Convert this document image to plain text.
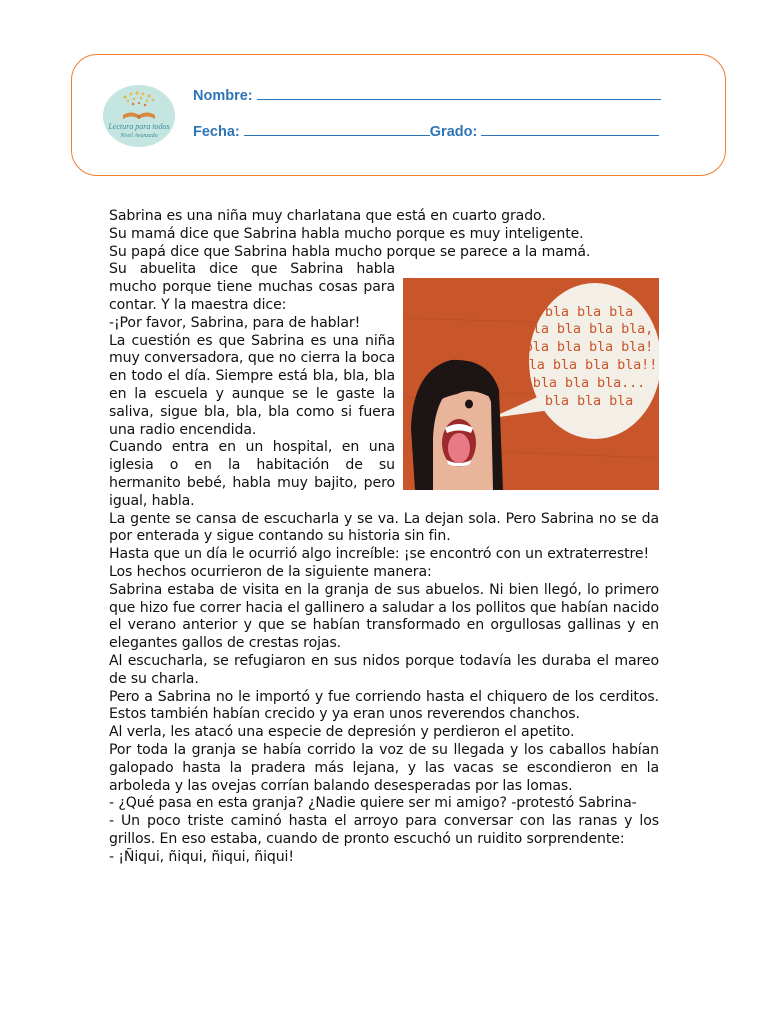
Lectura para todos
Nivel Avanzado
Nombre:
Fecha:	Grado:
bla bla bla
bla bla bla bla,
bla bla bla bla!
bla bla bla bla!!
bla bla bla...
bla bla bla

Sabrina es una niña muy charlatana que está en cuarto grado.

Su mamá dice que Sabrina habla mucho porque es muy inteligente.

Su papá dice que Sabrina habla mucho porque se parece a la mamá.

Su abuelita dice que Sabrina habla mucho porque tiene muchas cosas para contar. Y la maestra dice:

-¡Por favor, Sabrina, para de hablar!

La cuestión es que Sabrina es una niña muy conversadora, que no cierra la boca en todo el día. Siempre está bla, bla, bla en la escuela y aunque se le gaste la saliva, sigue bla, bla, bla como si fuera una radio encendida.

Cuando entra en un hospital, en una iglesia o en la habitación de su hermanito bebé, habla muy bajito, pero igual, habla.

La gente se cansa de escucharla y se va. La dejan sola. Pero Sabrina no se da por enterada y sigue contando su historia sin fin.

Hasta que un día le ocurrió algo increíble: ¡se encontró con un extraterrestre!

Los hechos ocurrieron de la siguiente manera:

Sabrina estaba de visita en la granja de sus abuelos. Ni bien llegó, lo primero que hizo fue correr hacia el gallinero a saludar a los pollitos que habían nacido el verano anterior y que se habían transformado en orgullosas gallinas y en elegantes gallos de crestas rojas.

Al escucharla, se refugiaron en sus nidos porque todavía les duraba el mareo de su charla.

Pero a Sabrina no le importó y fue corriendo hasta el chiquero de los cerditos. Estos también habían crecido y ya eran unos reverendos chanchos.

Al verla, les atacó una especie de depresión y perdieron el apetito.

Por toda la granja se había corrido la voz de su llegada y los caballos habían galopado hasta la pradera más lejana, y las vacas se escondieron en la arboleda y las ovejas corrían balando desesperadas por las lomas.

- ¿Qué pasa en esta granja? ¿Nadie quiere ser mi amigo? -protestó Sabrina-

- Un poco triste caminó hasta el arroyo para conversar con las ranas y los grillos. En eso estaba, cuando de pronto escuchó un ruidito sorprendente:

- ¡Ñiqui, ñiqui, ñiqui, ñiqui!
